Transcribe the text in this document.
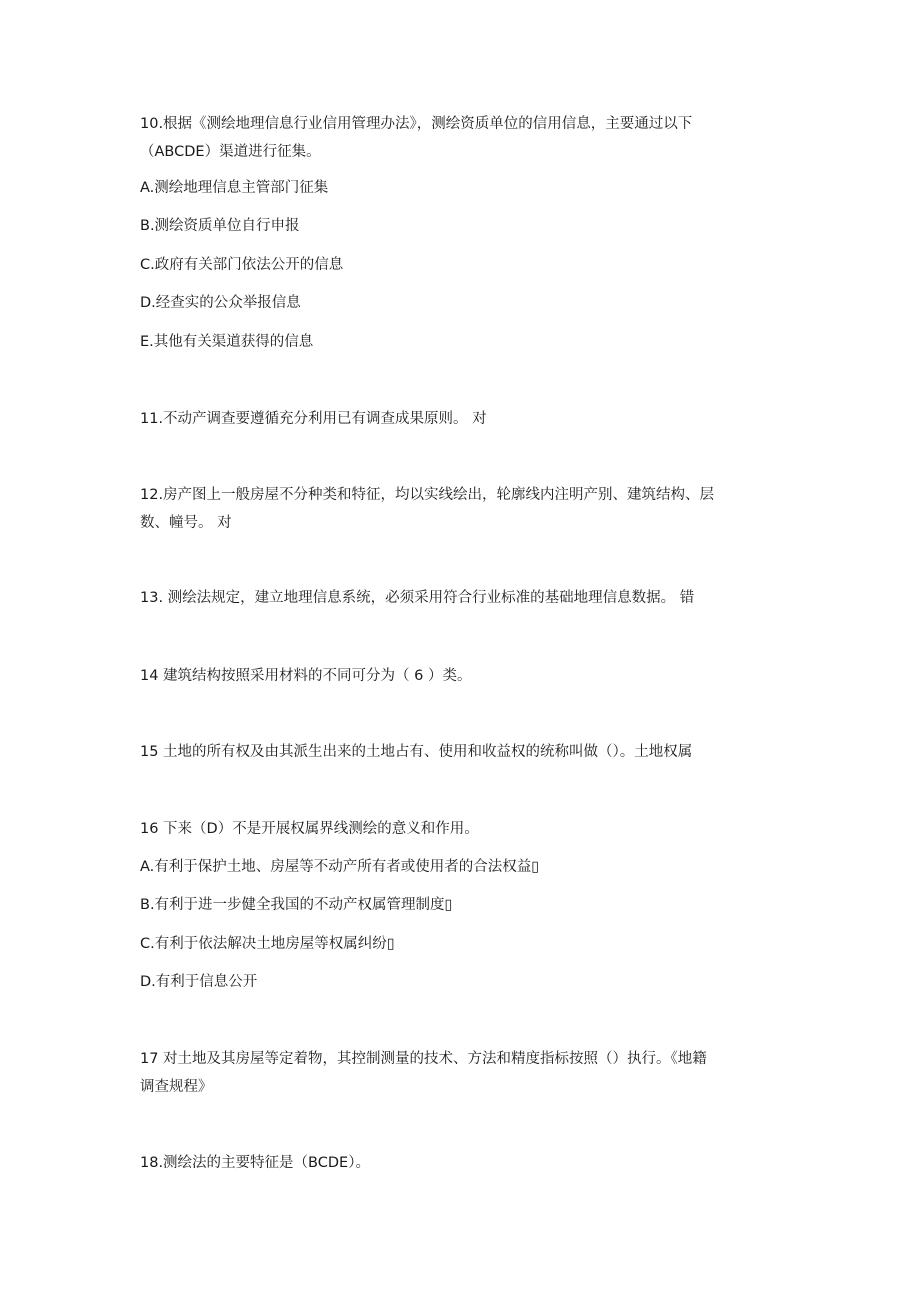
10.根据《测绘地理信息行业信用管理办法》，测绘资质单位的信用信息，主要通过以下
（ABCDE）渠道进行征集。
A.测绘地理信息主管部门征集
B.测绘资质单位自行申报
C.政府有关部门依法公开的信息
D.经查实的公众举报信息
E.其他有关渠道获得的信息
11.不动产调查要遵循充分利用已有调查成果原则。 对
12.房产图上一般房屋不分种类和特征，均以实线绘出，轮廓线内注明产别、建筑结构、层
数、幢号。 对
13. 测绘法规定，建立地理信息系统，必须采用符合行业标准的基础地理信息数据。 错
14 建筑结构按照采用材料的不同可分为（ 6 ）类。
15 土地的所有权及由其派生出来的土地占有、使用和收益权的统称叫做（）。土地权属
16 下来（D）不是开展权属界线测绘的意义和作用。
A.有利于保护土地、房屋等不动产所有者或使用者的合法权益▯
B.有利于进一步健全我国的不动产权属管理制度▯
C.有利于依法解决土地房屋等权属纠纷▯
D.有利于信息公开
17 对土地及其房屋等定着物，其控制测量的技术、方法和精度指标按照（）执行。《地籍
调查规程》
18.测绘法的主要特征是（BCDE）。
